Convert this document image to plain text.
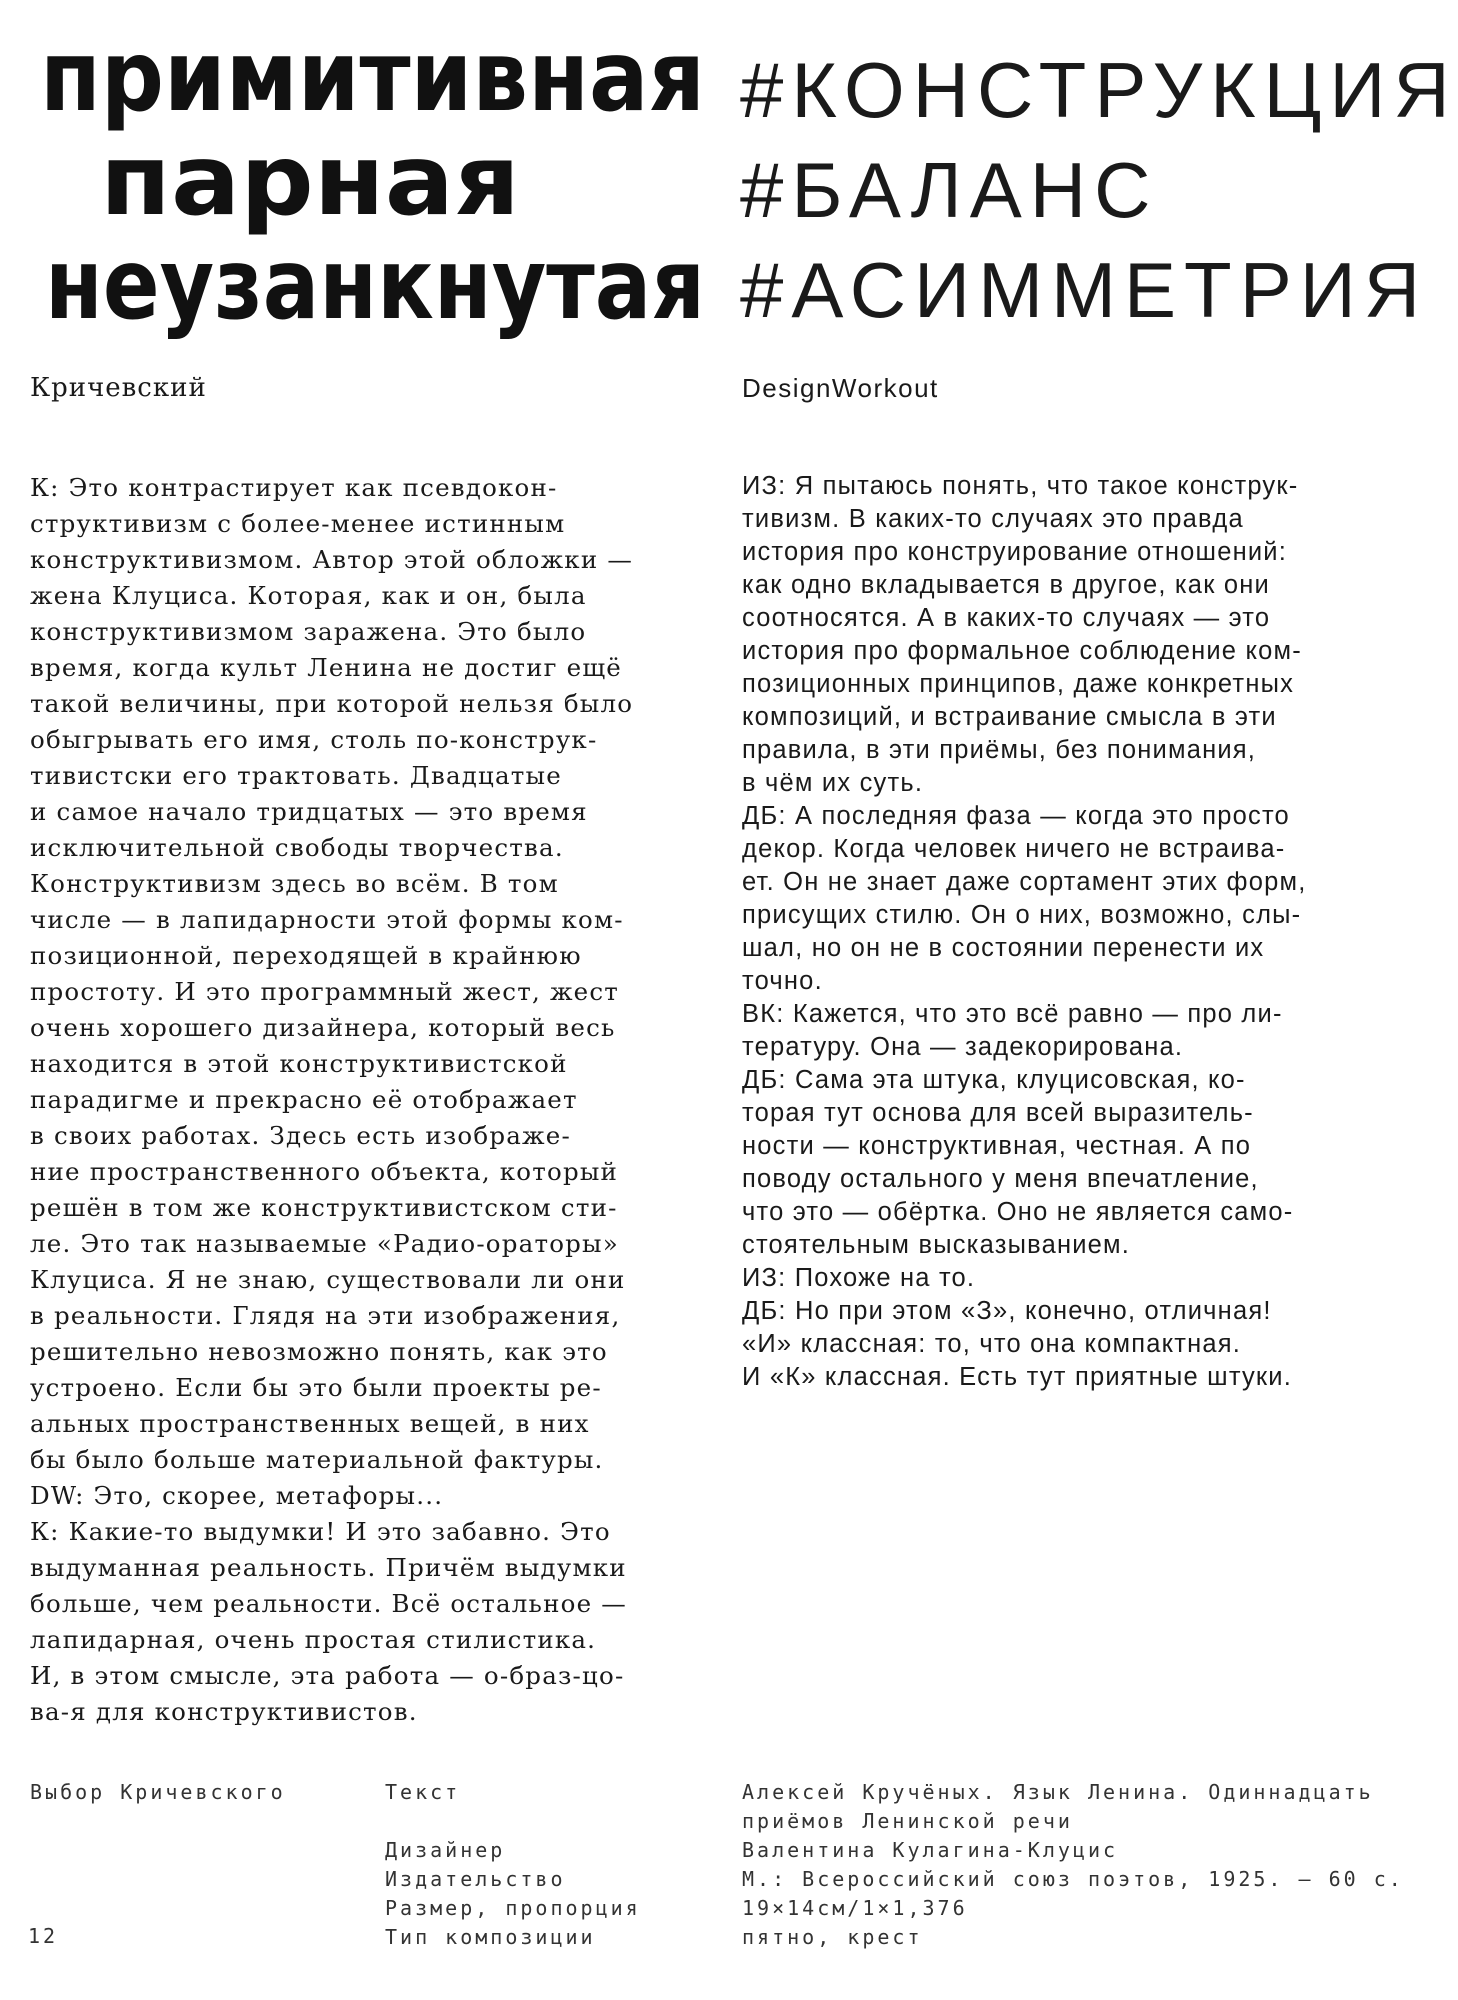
примитивная
парная
неузанкнутая
#КОНСТРУКЦИЯ
#БАЛАНС
#АСИММЕТРИЯ
Кричевский	DesignWorkout
К: Это контрастирует как псевдокон-
структивизм с более-менее истинным
конструктивизмом. Автор этой обложки —
жена Клуциса. Которая, как и он, была
конструктивизмом заражена. Это было
время, когда культ Ленина не достиг ещё
такой величины, при которой нельзя было
обыгрывать его имя, столь по-конструк-
тивистски его трактовать. Двадцатые
и самое начало тридцатых — это время
исключительной свободы творчества.
Конструктивизм здесь во всём. В том
числе — в лапидарности этой формы ком-
позиционной, переходящей в крайнюю
простоту. И это программный жест, жест
очень хорошего дизайнера, который весь
находится в этой конструктивистской
парадигме и прекрасно её отображает
в своих работах. Здесь есть изображе-
ние пространственного объекта, который
решён в том же конструктивистском сти-
ле. Это так называемые «Радио-ораторы»
Клуциса. Я не знаю, существовали ли они
в реальности. Глядя на эти изображения,
решительно невозможно понять, как это
устроено. Если бы это были проекты ре-
альных пространственных вещей, в них
бы было больше материальной фактуры.
DW: Это, скорее, метафоры...
К: Какие-то выдумки! И это забавно. Это
выдуманная реальность. Причём выдумки
больше, чем реальности. Всё остальное —
лапидарная, очень простая стилистика.
И, в этом смысле, эта работа — о-браз-цо-
ва-я для конструктивистов.
ИЗ: Я пытаюсь понять, что такое конструк-
тивизм. В каких-то случаях это правда
история про конструирование отношений:
как одно вкладывается в другое, как они
соотносятся. А в каких-то случаях — это
история про формальное соблюдение ком-
позиционных принципов, даже конкретных
композиций, и встраивание смысла в эти
правила, в эти приёмы, без понимания,
в чём их суть.
ДБ: А последняя фаза — когда это просто
декор. Когда человек ничего не встраива-
ет. Он не знает даже сортамент этих форм,
присущих стилю. Он о них, возможно, слы-
шал, но он не в состоянии перенести их
точно.
ВК: Кажется, что это всё равно — про ли-
тературу. Она — задекорирована.
ДБ: Сама эта штука, клуцисовская, ко-
торая тут основа для всей выразитель-
ности — конструктивная, честная. А по
поводу остального у меня впечатление,
что это — обёртка. Оно не является само-
стоятельным высказыванием.
ИЗ: Похоже на то.
ДБ: Но при этом «З», конечно, отличная!
«И» классная: то, что она компактная.
И «К» классная. Есть тут приятные штуки.
Выбор Кричевского
12
Текст

Дизайнер
Издательство
Размер, пропорция
Тип композиции
Алексей Кручёных. Язык Ленина. Одиннадцать
приёмов Ленинской речи
Валентина Кулагина-Клуцис
М.: Всероссийский союз поэтов, 1925. — 60 с.
19×14см/1×1,376
пятно, крест
